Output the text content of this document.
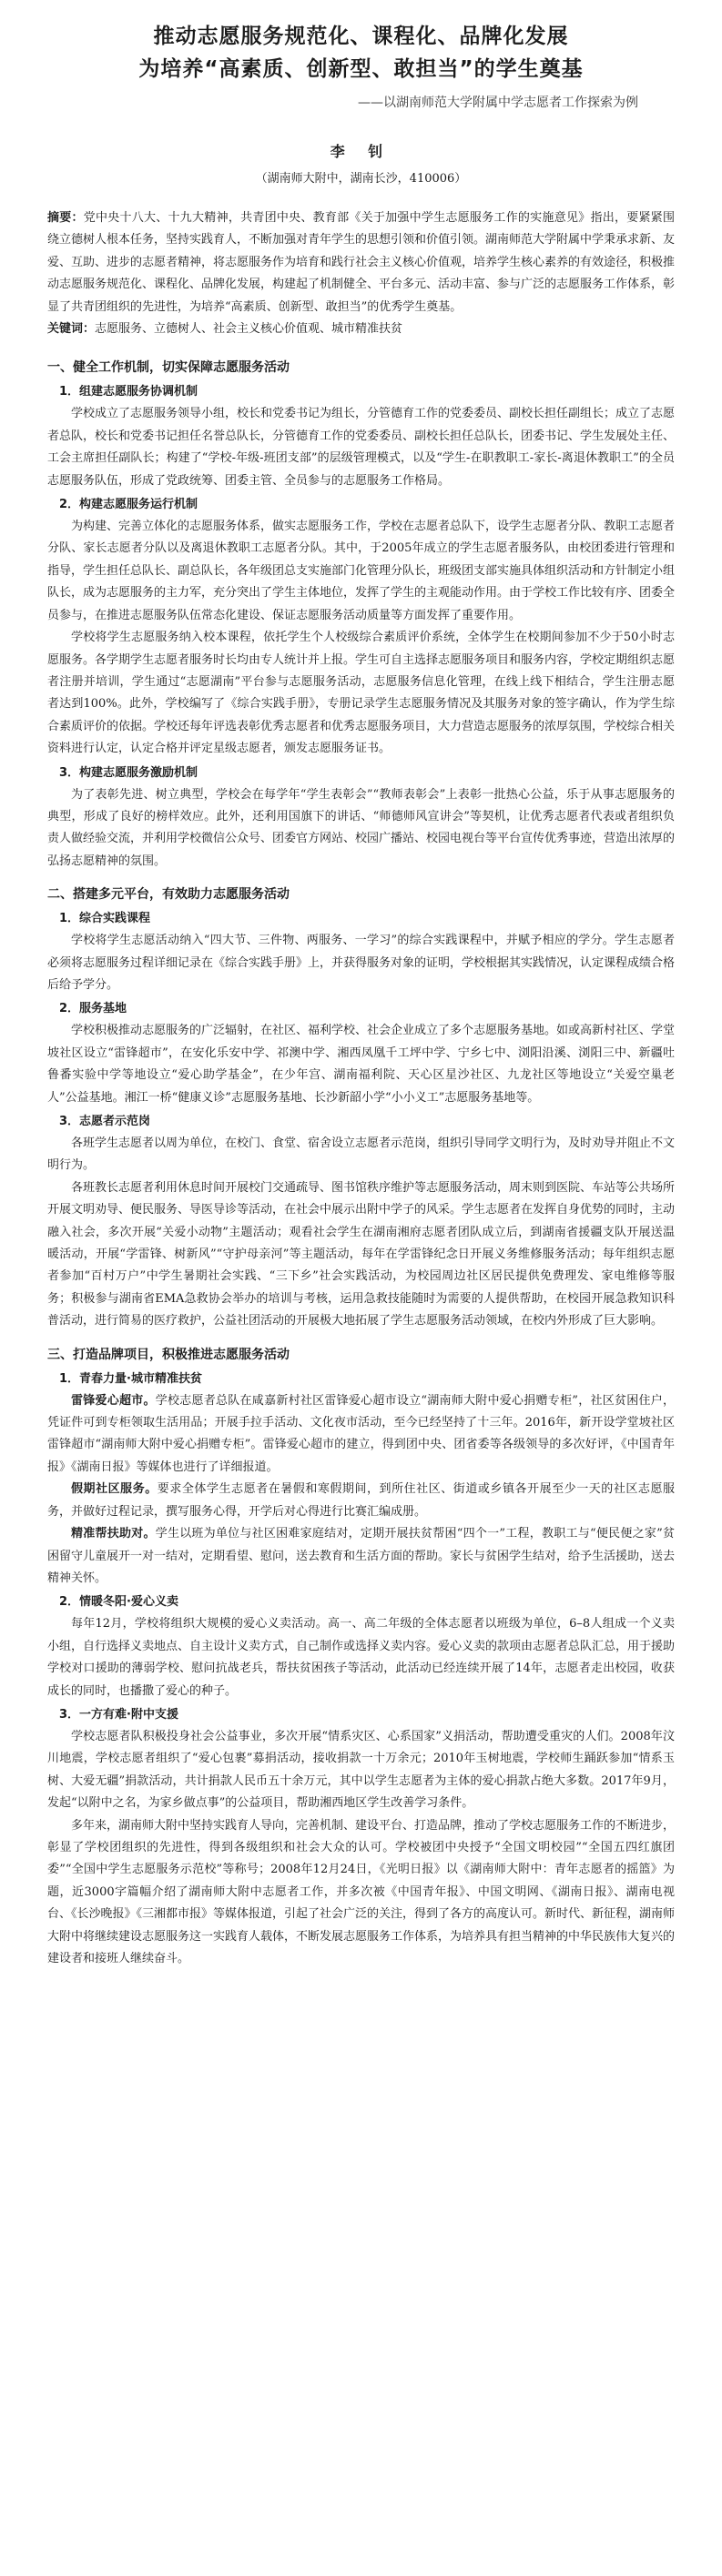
推动志愿服务规范化、课程化、品牌化发展
为培养“高素质、创新型、敢担当”的学生奠基
——以湖南师范大学附属中学志愿者工作探索为例
李 钊
（湖南师大附中，湖南长沙，410006）

摘要：党中央十八大、十九大精神，共青团中央、教育部《关于加强中学生志愿服务工作的实施意见》指出，要紧紧围绕立德树人根本任务，坚持实践育人，不断加强对青年学生的思想引领和价值引领。湖南师范大学附属中学秉承求新、友爱、互助、进步的志愿者精神，将志愿服务作为培育和践行社会主义核心价值观，培养学生核心素养的有效途径，积极推动志愿服务规范化、课程化、品牌化发展，构建起了机制健全、平台多元、活动丰富、参与广泛的志愿服务工作体系，彰显了共青团组织的先进性，为培养“高素质、创新型、敢担当”的优秀学生奠基。

关键词：志愿服务、立德树人、社会主义核心价值观、城市精准扶贫

一、健全工作机制，切实保障志愿服务活动
1．组建志愿服务协调机制

学校成立了志愿服务领导小组，校长和党委书记为组长，分管德育工作的党委委员、副校长担任副组长；成立了志愿者总队，校长和党委书记担任名誉总队长，分管德育工作的党委委员、副校长担任总队长，团委书记、学生发展处主任、工会主席担任副队长；构建了“学校-年级-班团支部”的层级管理模式，以及“学生-在职教职工-家长-离退休教职工”的全员志愿服务队伍，形成了党政统筹、团委主管、全员参与的志愿服务工作格局。

2．构建志愿服务运行机制

为构建、完善立体化的志愿服务体系，做实志愿服务工作，学校在志愿者总队下，设学生志愿者分队、教职工志愿者分队、家长志愿者分队以及离退休教职工志愿者分队。其中，于2005年成立的学生志愿者服务队，由校团委进行管理和指导，学生担任总队长、副总队长，各年级团总支实施部门化管理分队长，班级团支部实施具体组织活动和方针制定小组队长，成为志愿服务的主力军，充分突出了学生主体地位，发挥了学生的主观能动作用。由于学校工作比较有序、团委全员参与，在推进志愿服务队伍常态化建设、保证志愿服务活动质量等方面发挥了重要作用。

学校将学生志愿服务纳入校本课程，依托学生个人校级综合素质评价系统，全体学生在校期间参加不少于50小时志愿服务。各学期学生志愿者服务时长均由专人统计并上报。学生可自主选择志愿服务项目和服务内容，学校定期组织志愿者注册并培训，学生通过“志愿湖南”平台参与志愿服务活动，志愿服务信息化管理，在线上线下相结合，学生注册志愿者达到100%。此外，学校编写了《综合实践手册》，专册记录学生志愿服务情况及其服务对象的签字确认，作为学生综合素质评价的依据。学校还每年评选表彰优秀志愿者和优秀志愿服务项目，大力营造志愿服务的浓厚氛围，学校综合相关资料进行认定，认定合格并评定星级志愿者，颁发志愿服务证书。

3．构建志愿服务激励机制

为了表彰先进、树立典型，学校会在每学年“学生表彰会”“教师表彰会”上表彰一批热心公益，乐于从事志愿服务的典型，形成了良好的榜样效应。此外，还利用国旗下的讲话、“师德师风宣讲会”等契机，让优秀志愿者代表或者组织负责人做经验交流，并利用学校微信公众号、团委官方网站、校园广播站、校园电视台等平台宣传优秀事迹，营造出浓厚的弘扬志愿精神的氛围。

二、搭建多元平台，有效助力志愿服务活动
1．综合实践课程

学校将学生志愿活动纳入“四大节、三件物、两服务、一学习”的综合实践课程中，并赋予相应的学分。学生志愿者必须将志愿服务过程详细记录在《综合实践手册》上，并获得服务对象的证明，学校根据其实践情况，认定课程成绩合格后给予学分。

2．服务基地

学校积极推动志愿服务的广泛辐射，在社区、福利学校、社会企业成立了多个志愿服务基地。如或高新村社区、学堂坡社区设立“雷锋超市”，在安化乐安中学、祁澳中学、湘西凤凰千工坪中学、宁乡七中、浏阳沿溪、浏阳三中、新疆吐鲁番实验中学等地设立“爱心助学基金”，在少年宫、湖南福利院、天心区星沙社区、九龙社区等地设立“关爱空巢老人”公益基地。湘江一桥“健康义诊”志愿服务基地、长沙新韶小学“小小义工”志愿服务基地等。

3．志愿者示范岗

各班学生志愿者以周为单位，在校门、食堂、宿舍设立志愿者示范岗，组织引导同学文明行为，及时劝导并阻止不文明行为。

各班教长志愿者利用休息时间开展校门交通疏导、图书馆秩序维护等志愿服务活动，周末则到医院、车站等公共场所开展文明劝导、便民服务、导医导诊等活动，在社会中展示出附中学子的风采。学生志愿者在发挥自身优势的同时，主动融入社会，多次开展“关爱小动物”主题活动；观看社会学生在湖南湘府志愿者团队成立后，到湖南省援疆支队开展送温暖活动，开展“学雷锋、树新风”“守护母亲河”等主题活动，每年在学雷锋纪念日开展义务维修服务活动；每年组织志愿者参加“百村万户”中学生暑期社会实践、“三下乡”社会实践活动，为校园周边社区居民提供免费理发、家电维修等服务；积极参与湖南省EMA急救协会举办的培训与考核，运用急救技能随时为需要的人提供帮助，在校园开展急救知识科普活动，进行简易的医疗救护，公益社团活动的开展极大地拓展了学生志愿服务活动领域，在校内外形成了巨大影响。

三、打造品牌项目，积极推进志愿服务活动
1．青春力量·城市精准扶贫

雷锋爱心超市。学校志愿者总队在咸嘉新村社区雷锋爱心超市设立“湖南师大附中爱心捐赠专柜”，社区贫困住户，凭证件可到专柜领取生活用品；开展手拉手活动、文化夜市活动，至今已经坚持了十三年。2016年，新开设学堂坡社区雷锋超市“湖南师大附中爱心捐赠专柜”。雷锋爱心超市的建立，得到团中央、团省委等各级领导的多次好评，《中国青年报》《湖南日报》等媒体也进行了详细报道。

假期社区服务。要求全体学生志愿者在暑假和寒假期间，到所住社区、街道或乡镇各开展至少一天的社区志愿服务，并做好过程记录，撰写服务心得，开学后对心得进行比赛汇编成册。

精准帮扶助对。学生以班为单位与社区困难家庭结对，定期开展扶贫帮困“四个一”工程，教职工与“便民便之家”贫困留守儿童展开一对一结对，定期看望、慰问，送去教育和生活方面的帮助。家长与贫困学生结对，给予生活援助，送去精神关怀。

2．情暖冬阳·爱心义卖

每年12月，学校将组织大规模的爱心义卖活动。高一、高二年级的全体志愿者以班级为单位，6–8人组成一个义卖小组，自行选择义卖地点、自主设计义卖方式，自己制作或选择义卖内容。爱心义卖的款项由志愿者总队汇总，用于援助学校对口援助的薄弱学校、慰问抗战老兵，帮扶贫困孩子等活动，此活动已经连续开展了14年，志愿者走出校园，收获成长的同时，也播撒了爱心的种子。

3．一方有难·附中支援

学校志愿者队积极投身社会公益事业，多次开展“情系灾区、心系国家”义捐活动，帮助遭受重灾的人们。2008年汶川地震，学校志愿者组织了“爱心包裹”募捐活动，接收捐款一十万余元；2010年玉树地震，学校师生踊跃参加“情系玉树、大爱无疆”捐款活动，共计捐款人民币五十余万元，其中以学生志愿者为主体的爱心捐款占绝大多数。2017年9月，发起“以附中之名，为家乡做点事”的公益项目，帮助湘西地区学生改善学习条件。

多年来，湖南师大附中坚持实践育人导向，完善机制、建设平台、打造品牌，推动了学校志愿服务工作的不断进步，彰显了学校团组织的先进性，得到各级组织和社会大众的认可。学校被团中央授予“全国文明校园”“全国五四红旗团委”“全国中学生志愿服务示范校”等称号；2008年12月24日，《光明日报》以《湖南师大附中：青年志愿者的摇篮》为题，近3000字篇幅介绍了湖南师大附中志愿者工作，并多次被《中国青年报》、中国文明网、《湖南日报》、湖南电视台、《长沙晚报》《三湘都市报》等媒体报道，引起了社会广泛的关注，得到了各方的高度认可。新时代、新征程，湖南师大附中将继续建设志愿服务这一实践育人载体，不断发展志愿服务工作体系，为培养具有担当精神的中华民族伟大复兴的建设者和接班人继续奋斗。
